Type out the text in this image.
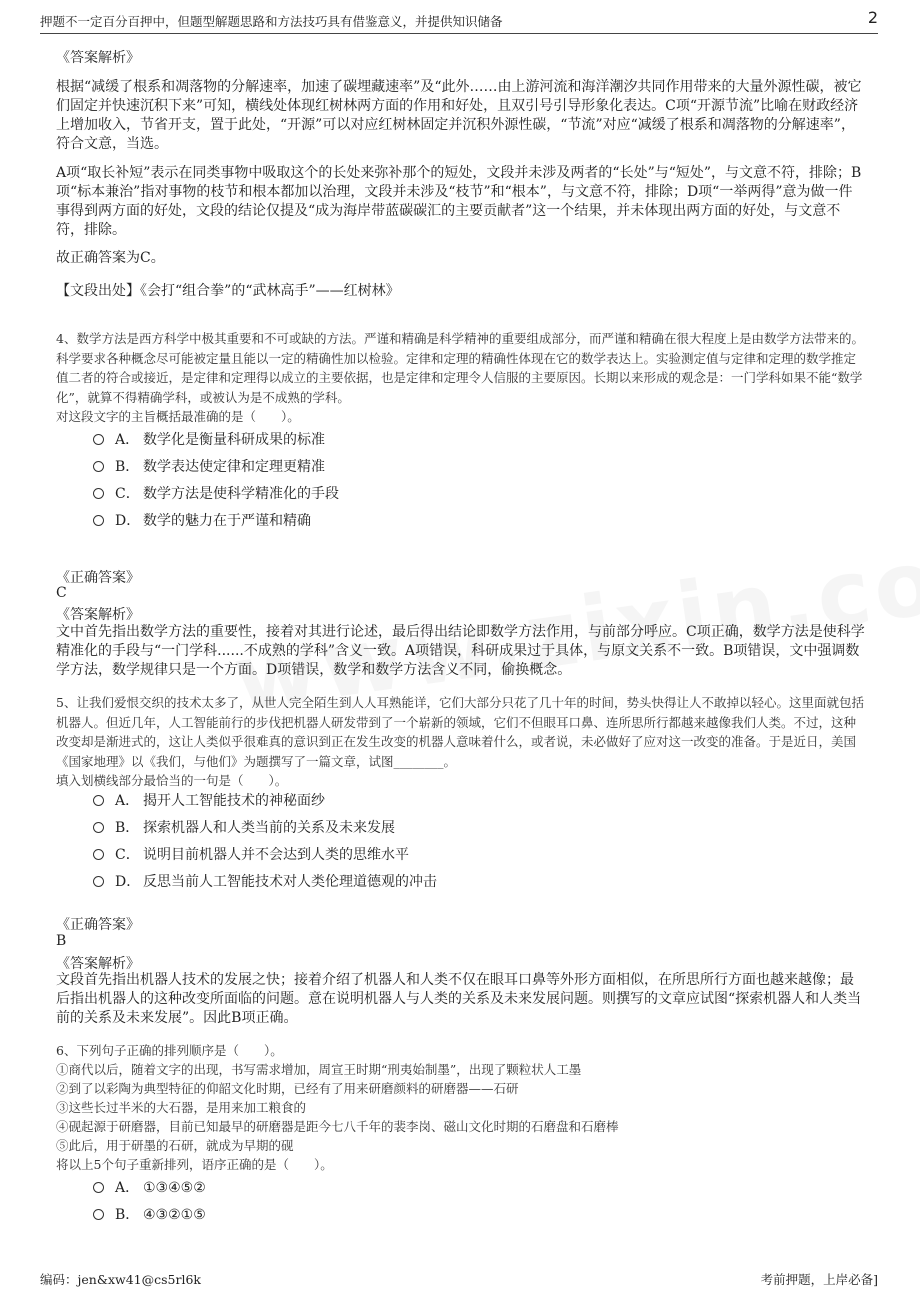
押题不一定百分百押中，但题型解题思路和方法技巧具有借鉴意义，并提供知识储备	2
《答案解析》

根据“减缓了根系和凋落物的分解速率，加速了碳埋藏速率”及“此外……由上游河流和海洋潮汐共同作用带来的大量外源性碳，被它们固定并快速沉积下来”可知，横线处体现红树林两方面的作用和好处，且双引号引导形象化表达。C项“开源节流”比喻在财政经济上增加收入，节省开支，置于此处，“开源”可以对应红树林固定并沉积外源性碳，“节流”对应“减缓了根系和凋落物的分解速率”，符合文意，当选。

A项“取长补短”表示在同类事物中吸取这个的长处来弥补那个的短处，文段并未涉及两者的“长处”与“短处”，与文意不符，排除；B项“标本兼治”指对事物的枝节和根本都加以治理，文段并未涉及“枝节”和“根本”，与文意不符，排除；D项“一举两得”意为做一件事得到两方面的好处，文段的结论仅提及“成为海岸带蓝碳碳汇的主要贡献者”这一个结果，并未体现出两方面的好处，与文意不符，排除。

故正确答案为C。
【文段出处】《会打“组合拳”的“武林高手”——红树林》
4、数学方法是西方科学中极其重要和不可或缺的方法。严谨和精确是科学精神的重要组成部分，而严谨和精确在很大程度上是由数学方法带来的。科学要求各种概念尽可能被定量且能以一定的精确性加以检验。定律和定理的精确性体现在它的数学表达上。实验测定值与定律和定理的数学推定值二者的符合或接近，是定律和定理得以成立的主要依据，也是定律和定理令人信服的主要原因。长期以来形成的观念是：一门学科如果不能“数学化”，就算不得精确学科，或被认为是不成熟的学科。
对这段文字的主旨概括最准确的是（　　）。
A． 数学化是衡量科研成果的标准
B． 数学表达使定律和定理更精准
C． 数学方法是使科学精准化的手段
D． 数学的魅力在于严谨和精确
《正确答案》
C
《答案解析》
文中首先指出数学方法的重要性，接着对其进行论述，最后得出结论即数学方法作用，与前部分呼应。C项正确，数学方法是使科学精准化的手段与“一门学科......不成熟的学科”含义一致。A项错误，科研成果过于具体，与原文关系不一致。B项错误，文中强调数学方法，数学规律只是一个方面。D项错误，数学和数学方法含义不同，偷换概念。
5、让我们爱恨交织的技术太多了，从世人完全陌生到人人耳熟能详，它们大部分只花了几十年的时间，势头快得让人不敢掉以轻心。这里面就包括机器人。但近几年，人工智能前行的步伐把机器人研发带到了一个崭新的领域，它们不但眼耳口鼻、连所思所行都越来越像我们人类。不过，这种改变却是渐进式的，这让人类似乎很难真的意识到正在发生改变的机器人意味着什么，或者说，未必做好了应对这一改变的准备。于是近日，美国《国家地理》以《我们，与他们》为题撰写了一篇文章，试图________。
填入划横线部分最恰当的一句是（　　）。
A． 揭开人工智能技术的神秘面纱
B． 探索机器人和人类当前的关系及未来发展
C． 说明目前机器人并不会达到人类的思维水平
D． 反思当前人工智能技术对人类伦理道德观的冲击
《正确答案》
B
《答案解析》
文段首先指出机器人技术的发展之快；接着介绍了机器人和人类不仅在眼耳口鼻等外形方面相似，在所思所行方面也越来越像；最后指出机器人的这种改变所面临的问题。意在说明机器人与人类的关系及未来发展问题。则撰写的文章应试图“探索机器人和人类当前的关系及未来发展”。因此B项正确。
6、下列句子正确的排列顺序是（　　）。
①商代以后，随着文字的出现，书写需求增加，周宣王时期“刑夷始制墨”，出现了颗粒状人工墨
②到了以彩陶为典型特征的仰韶文化时期，已经有了用来研磨颜料的研磨器——石研
③这些长过半米的大石器，是用来加工粮食的
④砚起源于研磨器，目前已知最早的研磨器是距今七八千年的裴李岗、磁山文化时期的石磨盘和石磨棒
⑤此后，用于研墨的石研，就成为早期的砚
将以上5个句子重新排列，语序正确的是（　　）。
A． ①③④⑤②
B． ④③②①⑤
编码：jen&xw41@cs5rl6k	考前押题，上岸必备]
